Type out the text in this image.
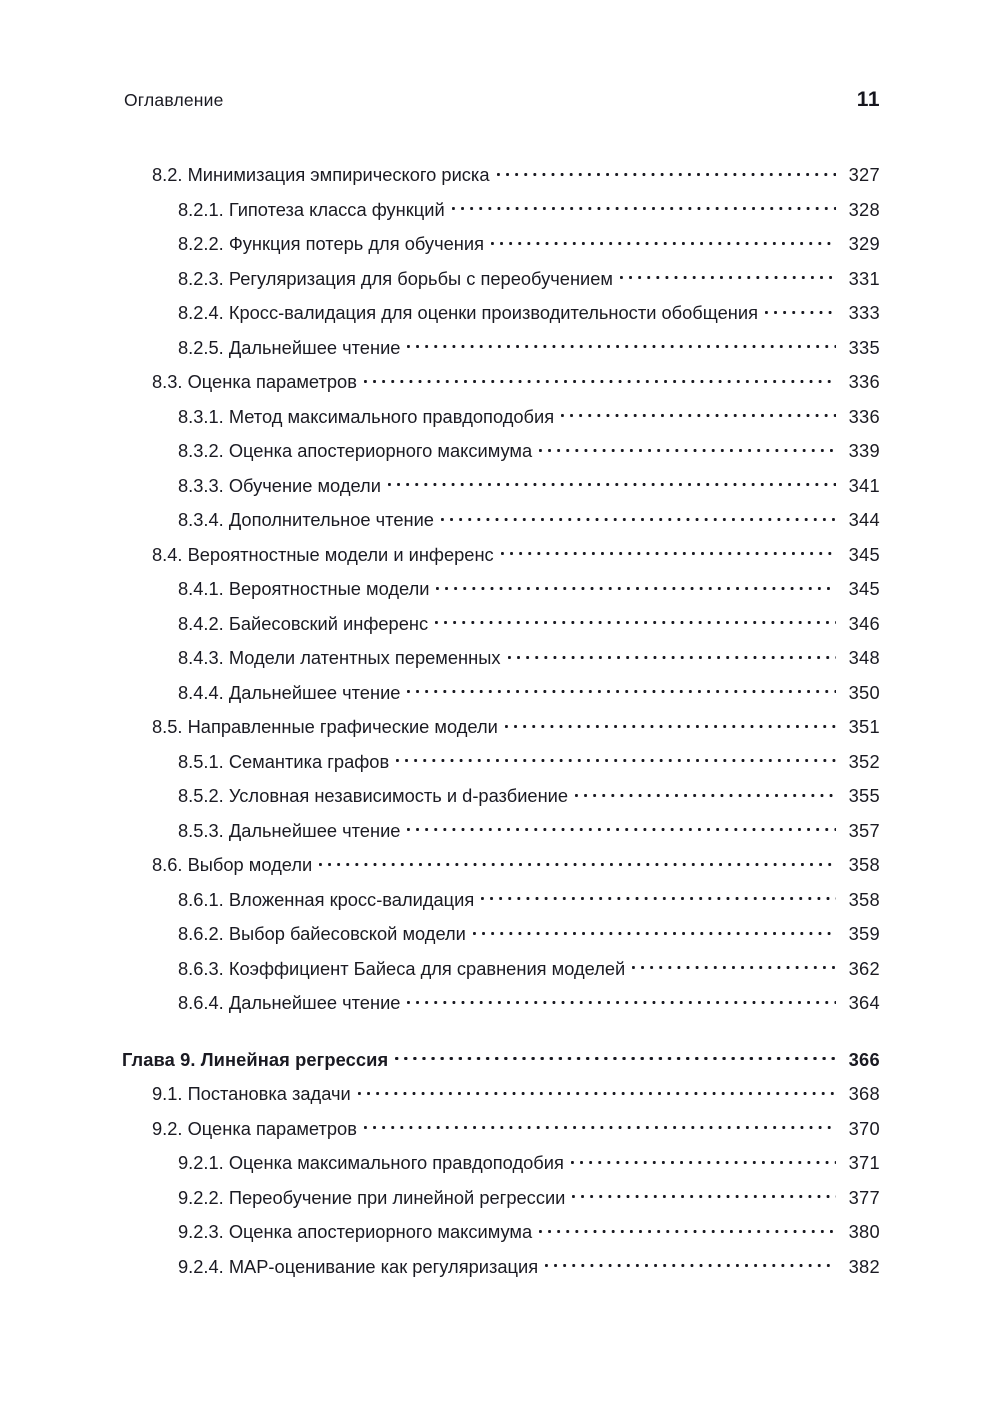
Оглавление	11
8.2. Минимизация эмпирического риска	327
8.2.1. Гипотеза класса функций	328
8.2.2. Функция потерь для обучения	329
8.2.3. Регуляризация для борьбы с переобучением	331
8.2.4. Кросс-валидация для оценки производительности обобщения	333
8.2.5. Дальнейшее чтение	335
8.3. Оценка параметров	336
8.3.1. Метод максимального правдоподобия	336
8.3.2. Оценка апостериорного максимума	339
8.3.3. Обучение модели	341
8.3.4. Дополнительное чтение	344
8.4. Вероятностные модели и инференс	345
8.4.1. Вероятностные модели	345
8.4.2. Байесовский инференс	346
8.4.3. Модели латентных переменных	348
8.4.4. Дальнейшее чтение	350
8.5. Направленные графические модели	351
8.5.1. Семантика графов	352
8.5.2. Условная независимость и d-разбиение	355
8.5.3. Дальнейшее чтение	357
8.6. Выбор модели	358
8.6.1. Вложенная кросс-валидация	358
8.6.2. Выбор байесовской модели	359
8.6.3. Коэффициент Байеса для сравнения моделей	362
8.6.4. Дальнейшее чтение	364
Глава 9. Линейная регрессия	366
9.1. Постановка задачи	368
9.2. Оценка параметров	370
9.2.1. Оценка максимального правдоподобия	371
9.2.2. Переобучение при линейной регрессии	377
9.2.3. Оценка апостериорного максимума	380
9.2.4. MAP-оценивание как регуляризация	382
